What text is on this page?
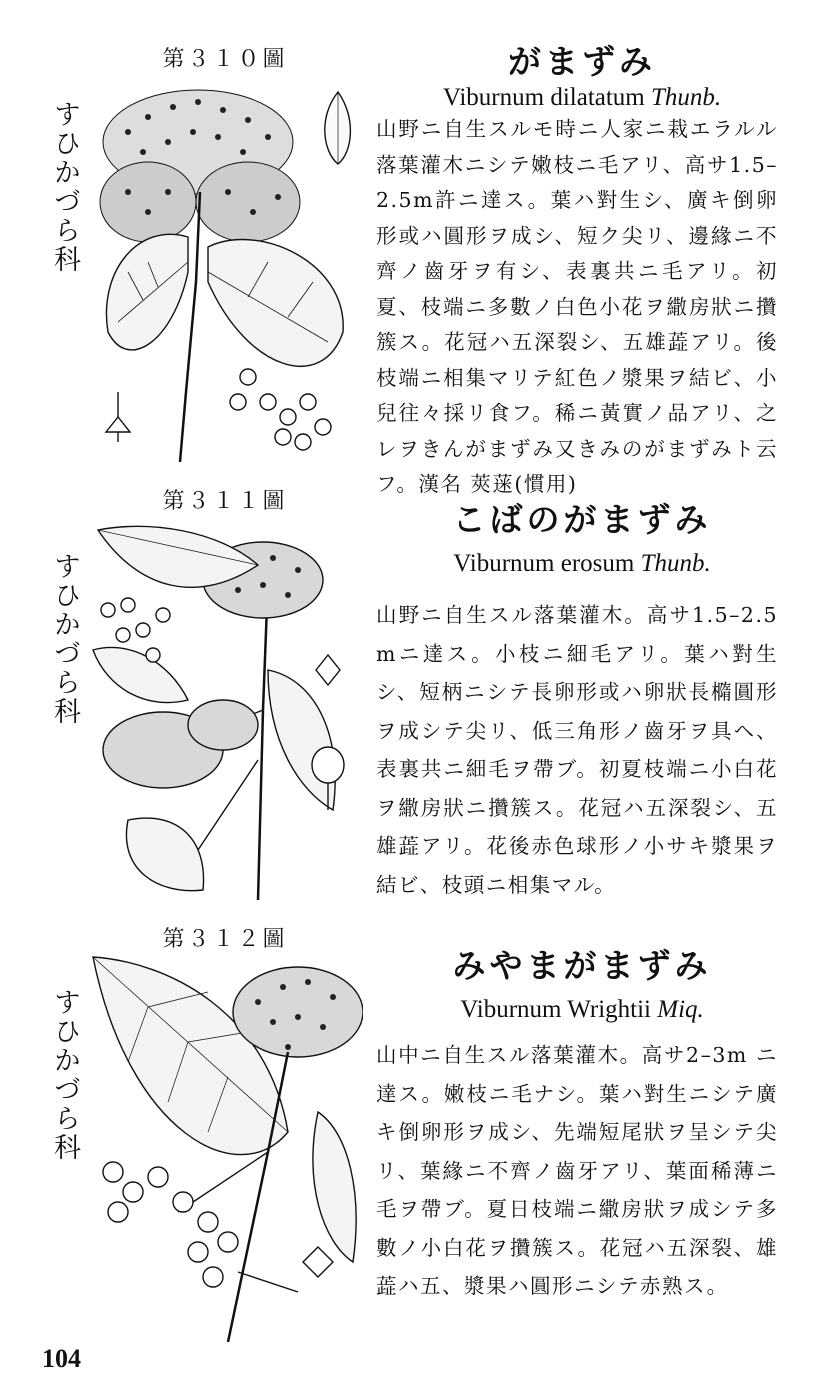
第３１０圖
すひかづら科
がまずみ
Viburnum dilatatum Thunb.

山野ニ自生スルモ時ニ人家ニ栽エラルル落葉灌木ニシテ嫩枝ニ毛アリ、高サ1.5–2.5m許ニ達ス。葉ハ對生シ、廣キ倒卵形或ハ圓形ヲ成シ、短ク尖リ、邊緣ニ不齊ノ齒牙ヲ有シ、表裏共ニ毛アリ。初夏、枝端ニ多數ノ白色小花ヲ繖房狀ニ攢簇ス。花冠ハ五深裂シ、五雄蕋アリ。後枝端ニ相集マリテ紅色ノ漿果ヲ結ビ、小兒往々採リ食フ。稀ニ黃實ノ品アリ、之レヲきんがまずみ又きみのがまずみト云フ。漢名 莢蒾(慣用)

第３１１圖
すひかづら科
こばのがまずみ
Viburnum erosum Thunb.

山野ニ自生スル落葉灌木。高サ1.5–2.5mニ達ス。小枝ニ細毛アリ。葉ハ對生シ、短柄ニシテ長卵形或ハ卵狀長橢圓形ヲ成シテ尖リ、低三角形ノ齒牙ヲ具ヘ、表裏共ニ細毛ヲ帶ブ。初夏枝端ニ小白花ヲ繖房狀ニ攢簇ス。花冠ハ五深裂シ、五雄蕋アリ。花後赤色球形ノ小サキ漿果ヲ結ビ、枝頭ニ相集マル。

第３１２圖
すひかづら科
みやまがまずみ
Viburnum Wrightii Miq.

山中ニ自生スル落葉灌木。高サ2–3m ニ達ス。嫩枝ニ毛ナシ。葉ハ對生ニシテ廣キ倒卵形ヲ成シ、先端短尾狀ヲ呈シテ尖リ、葉緣ニ不齊ノ齒牙アリ、葉面稀薄ニ毛ヲ帶ブ。夏日枝端ニ繖房狀ヲ成シテ多數ノ小白花ヲ攢簇ス。花冠ハ五深裂、雄蕋ハ五、漿果ハ圓形ニシテ赤熟ス。

104
